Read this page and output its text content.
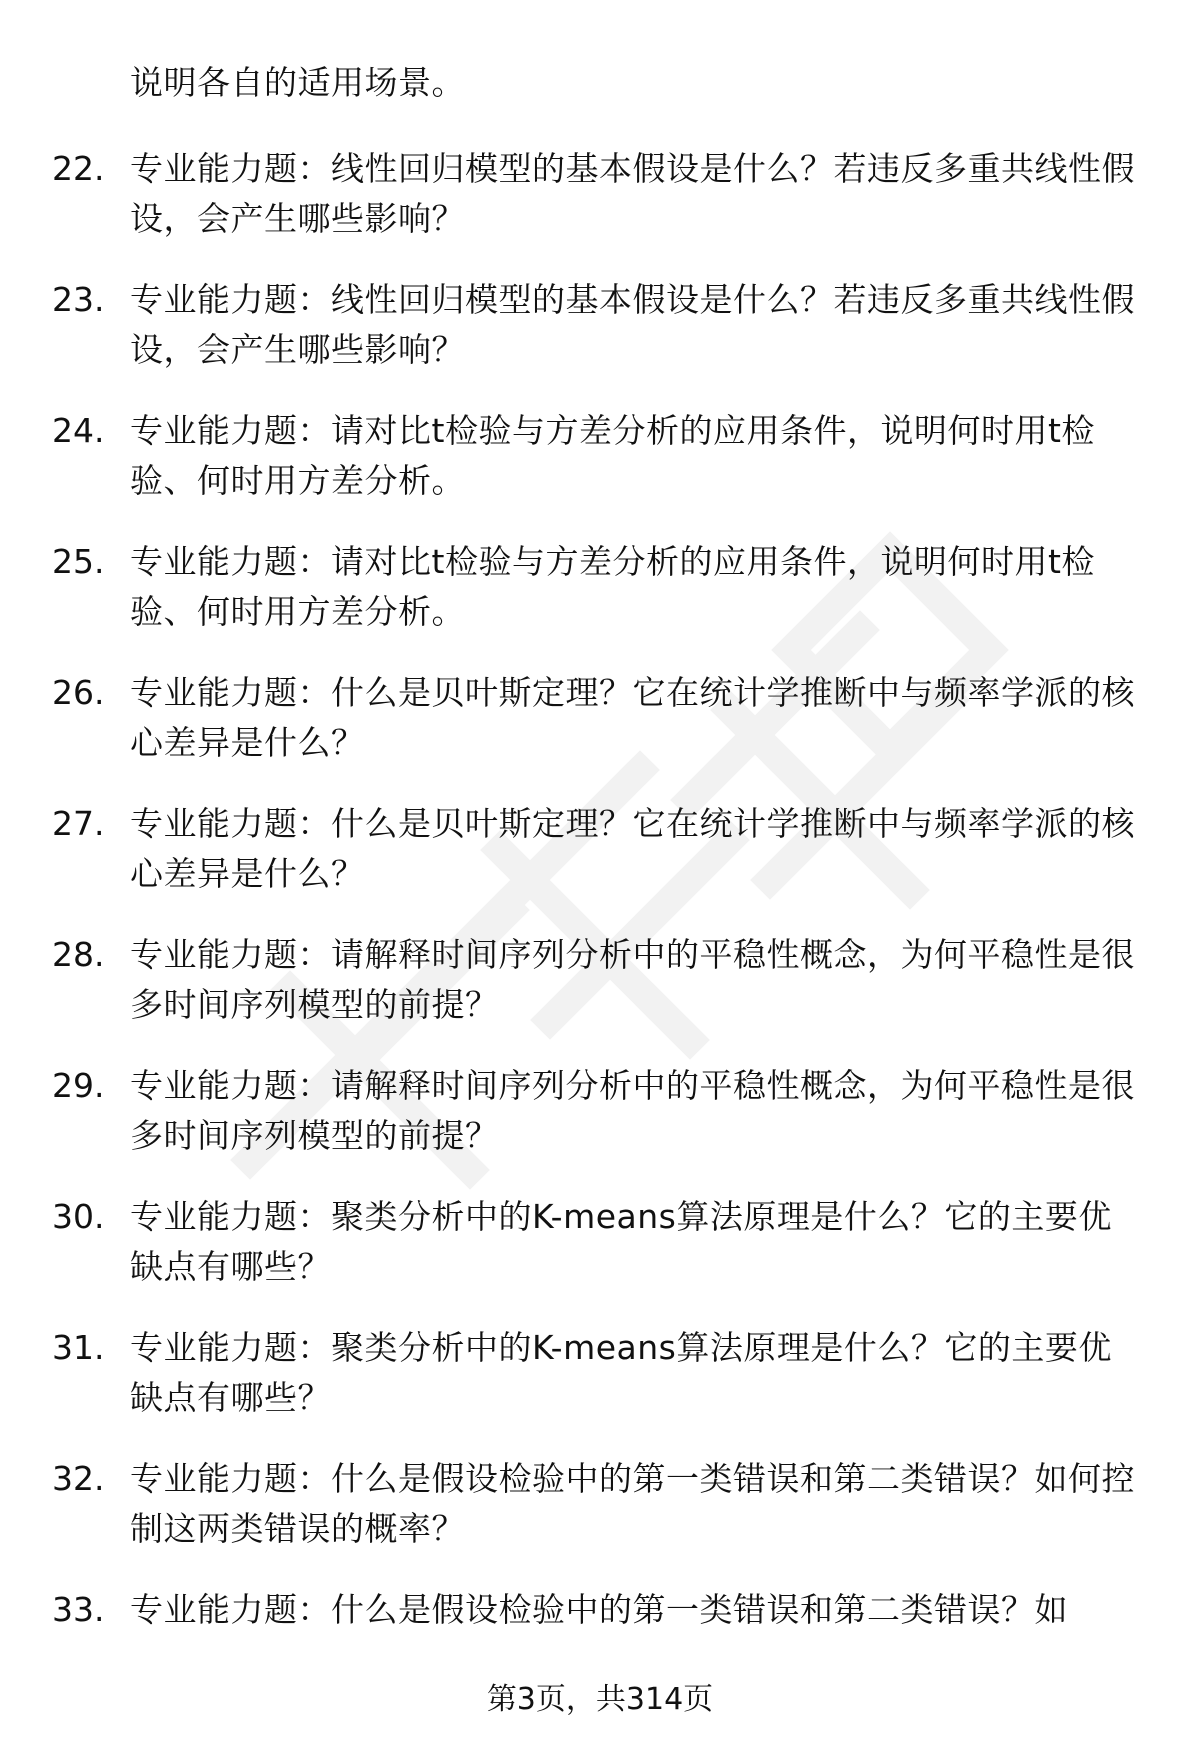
说明各自的适用场景。
22. 专业能力题：线性回归模型的基本假设是什么？若违反多重共线性假设，会产生哪些影响？
23. 专业能力题：线性回归模型的基本假设是什么？若违反多重共线性假设，会产生哪些影响？
24. 专业能力题：请对比t检验与方差分析的应用条件，说明何时用t检验、何时用方差分析。
25. 专业能力题：请对比t检验与方差分析的应用条件，说明何时用t检验、何时用方差分析。
26. 专业能力题：什么是贝叶斯定理？它在统计学推断中与频率学派的核心差异是什么？
27. 专业能力题：什么是贝叶斯定理？它在统计学推断中与频率学派的核心差异是什么？
28. 专业能力题：请解释时间序列分析中的平稳性概念，为何平稳性是很多时间序列模型的前提？
29. 专业能力题：请解释时间序列分析中的平稳性概念，为何平稳性是很多时间序列模型的前提？
30. 专业能力题：聚类分析中的K-means算法原理是什么？它的主要优缺点有哪些？
31. 专业能力题：聚类分析中的K-means算法原理是什么？它的主要优缺点有哪些？
32. 专业能力题：什么是假设检验中的第一类错误和第二类错误？如何控制这两类错误的概率？
33. 专业能力题：什么是假设检验中的第一类错误和第二类错误？如
第3页，共314页
